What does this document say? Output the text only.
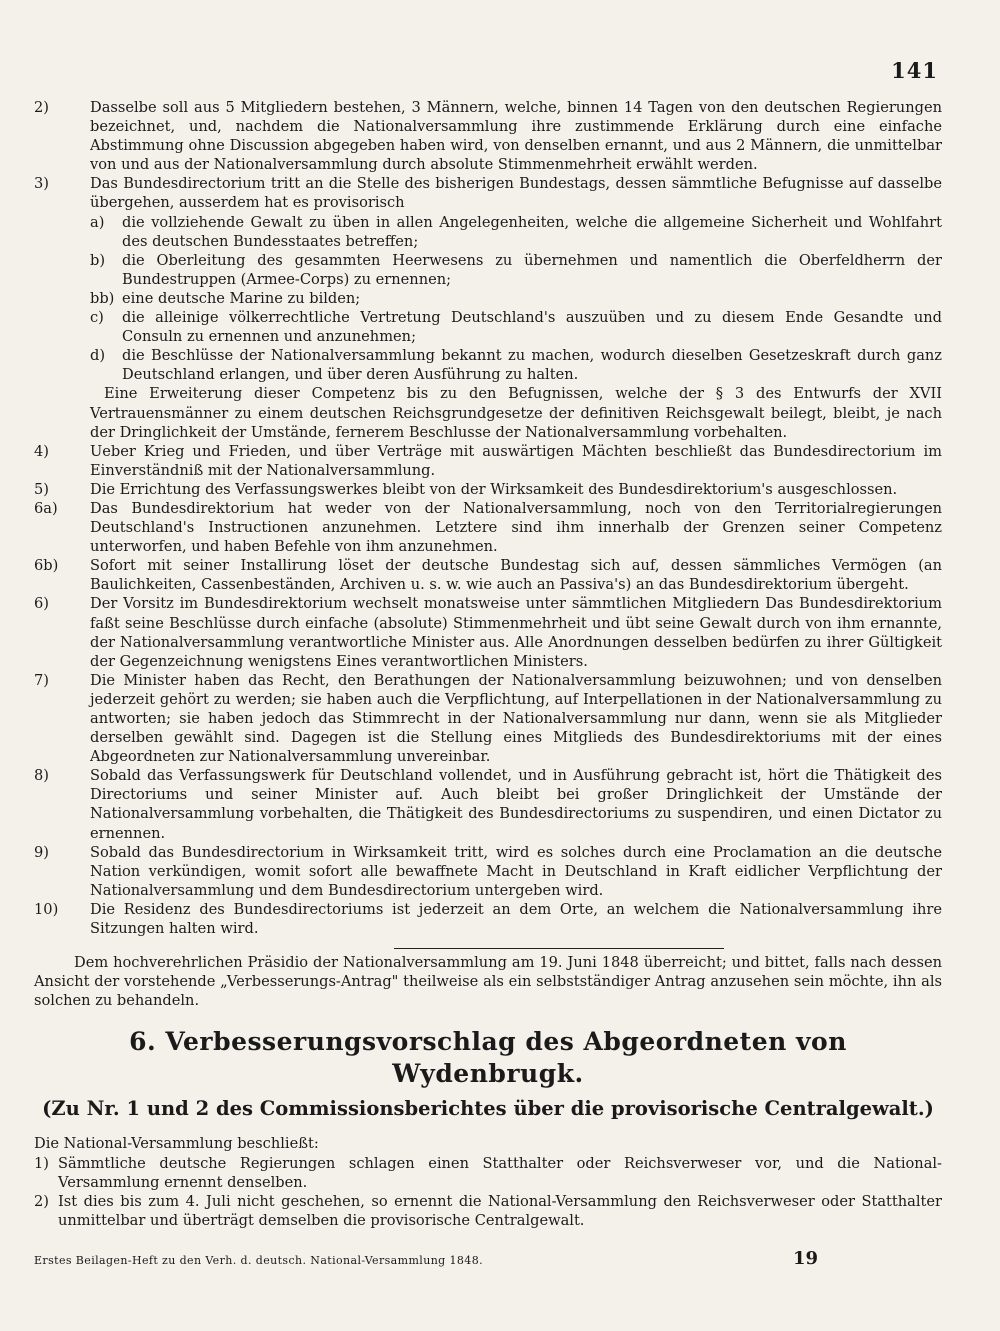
141
2)	Dasselbe soll aus 5 Mitgliedern bestehen, 3 Männern, welche, binnen 14 Tagen von den deutschen Regierungen bezeichnet, und, nachdem die Nationalversammlung ihre zustimmende Erklärung durch eine einfache Abstimmung ohne Discussion abgegeben haben wird, von denselben ernannt, und aus 2 Männern, die unmittelbar von und aus der Nationalversammlung durch absolute Stimmenmehrheit erwählt werden.
3)	Das Bundesdirectorium tritt an die Stelle des bisherigen Bundestags, dessen sämmtliche Befugnisse auf dasselbe übergehen, ausserdem hat es provisorisch
a)	die vollziehende Gewalt zu üben in allen Angelegenheiten, welche die allgemeine Sicherheit und Wohlfahrt des deutschen Bundesstaates betreffen;
b)	die Oberleitung des gesammten Heerwesens zu übernehmen und namentlich die Oberfeldherrn der Bundestruppen (Armee-Corps) zu ernennen;
bb) eine deutsche Marine zu bilden;
c)	die alleinige völkerrechtliche Vertretung Deutschland's auszuüben und zu diesem Ende Gesandte und Consuln zu ernennen und anzunehmen;
d)	die Beschlüsse der Nationalversammlung bekannt zu machen, wodurch dieselben Gesetzeskraft durch ganz Deutschland erlangen, und über deren Ausführung zu halten.
Eine Erweiterung dieser Competenz bis zu den Befugnissen, welche der § 3 des Entwurfs der XVII Vertrauensmänner zu einem deutschen Reichsgrundgesetze der definitiven Reichsgewalt beilegt, bleibt, je nach der Dringlichkeit der Umstände, fernerem Beschlusse der Nationalversammlung vorbehalten.
4)	Ueber Krieg und Frieden, und über Verträge mit auswärtigen Mächten beschließt das Bundesdirectorium im Einverständniß mit der Nationalversammlung.
5)	Die Errichtung des Verfassungswerkes bleibt von der Wirksamkeit des Bundesdirektorium's ausgeschlossen.
6a)	Das Bundesdirektorium hat weder von der Nationalversammlung, noch von den Territorialregierungen Deutschland's Instructionen anzunehmen. Letztere sind ihm innerhalb der Grenzen seiner Competenz unterworfen, und haben Befehle von ihm anzunehmen.
6b)	Sofort mit seiner Installirung löset der deutsche Bundestag sich auf, dessen sämmliches Vermögen (an Baulichkeiten, Cassenbeständen, Archiven u. s. w. wie auch an Passiva's) an das Bundesdirektorium übergeht.
6)	Der Vorsitz im Bundesdirektorium wechselt monatsweise unter sämmtlichen Mitgliedern Das Bundesdirektorium faßt seine Beschlüsse durch einfache (absolute) Stimmenmehrheit und übt seine Gewalt durch von ihm ernannte, der Nationalversammlung verantwortliche Minister aus. Alle Anordnungen desselben bedürfen zu ihrer Gültigkeit der Gegenzeichnung wenigstens Eines verantwortlichen Ministers.
7)	Die Minister haben das Recht, den Berathungen der Nationalversammlung beizuwohnen; und von denselben jederzeit gehört zu werden; sie haben auch die Verpflichtung, auf Interpellationen in der Nationalversammlung zu antworten; sie haben jedoch das Stimmrecht in der Nationalversammlung nur dann, wenn sie als Mitglieder derselben gewählt sind. Dagegen ist die Stellung eines Mitglieds des Bundesdirektoriums mit der eines Abgeordneten zur Nationalversammlung unvereinbar.
8)	Sobald das Verfassungswerk für Deutschland vollendet, und in Ausführung gebracht ist, hört die Thätigkeit des Directoriums und seiner Minister auf. Auch bleibt bei großer Dringlichkeit der Umstände der Nationalversammlung vorbehalten, die Thätigkeit des Bundesdirectoriums zu suspendiren, und einen Dictator zu ernennen.
9)	Sobald das Bundesdirectorium in Wirksamkeit tritt, wird es solches durch eine Proclamation an die deutsche Nation verkündigen, womit sofort alle bewaffnete Macht in Deutschland in Kraft eidlicher Verpflichtung der Nationalversammlung und dem Bundesdirectorium untergeben wird.
10)	Die Residenz des Bundesdirectoriums ist jederzeit an dem Orte, an welchem die Nationalversammlung ihre Sitzungen halten wird.
Dem hochverehrlichen Präsidio der Nationalversammlung am 19. Juni 1848 überreicht; und bittet, falls nach dessen Ansicht der vorstehende „Verbesserungs-Antrag" theilweise als ein selbstständiger Antrag anzusehen sein möchte, ihn als solchen zu behandeln.
6. Verbesserungsvorschlag des Abgeordneten von Wydenbrugk.
(Zu Nr. 1 und 2 des Commissionsberichtes über die provisorische Centralgewalt.)
Die National-Versammlung beschließt:
1) Sämmtliche deutsche Regierungen schlagen einen Statthalter oder Reichsverweser vor, und die National-Versammlung ernennt denselben.
2) Ist dies bis zum 4. Juli nicht geschehen, so ernennt die National-Versammlung den Reichsverweser oder Statthalter unmittelbar und überträgt demselben die provisorische Centralgewalt.
Erstes Beilagen-Heft zu den Verh. d. deutsch. National-Versammlung 1848.	19
